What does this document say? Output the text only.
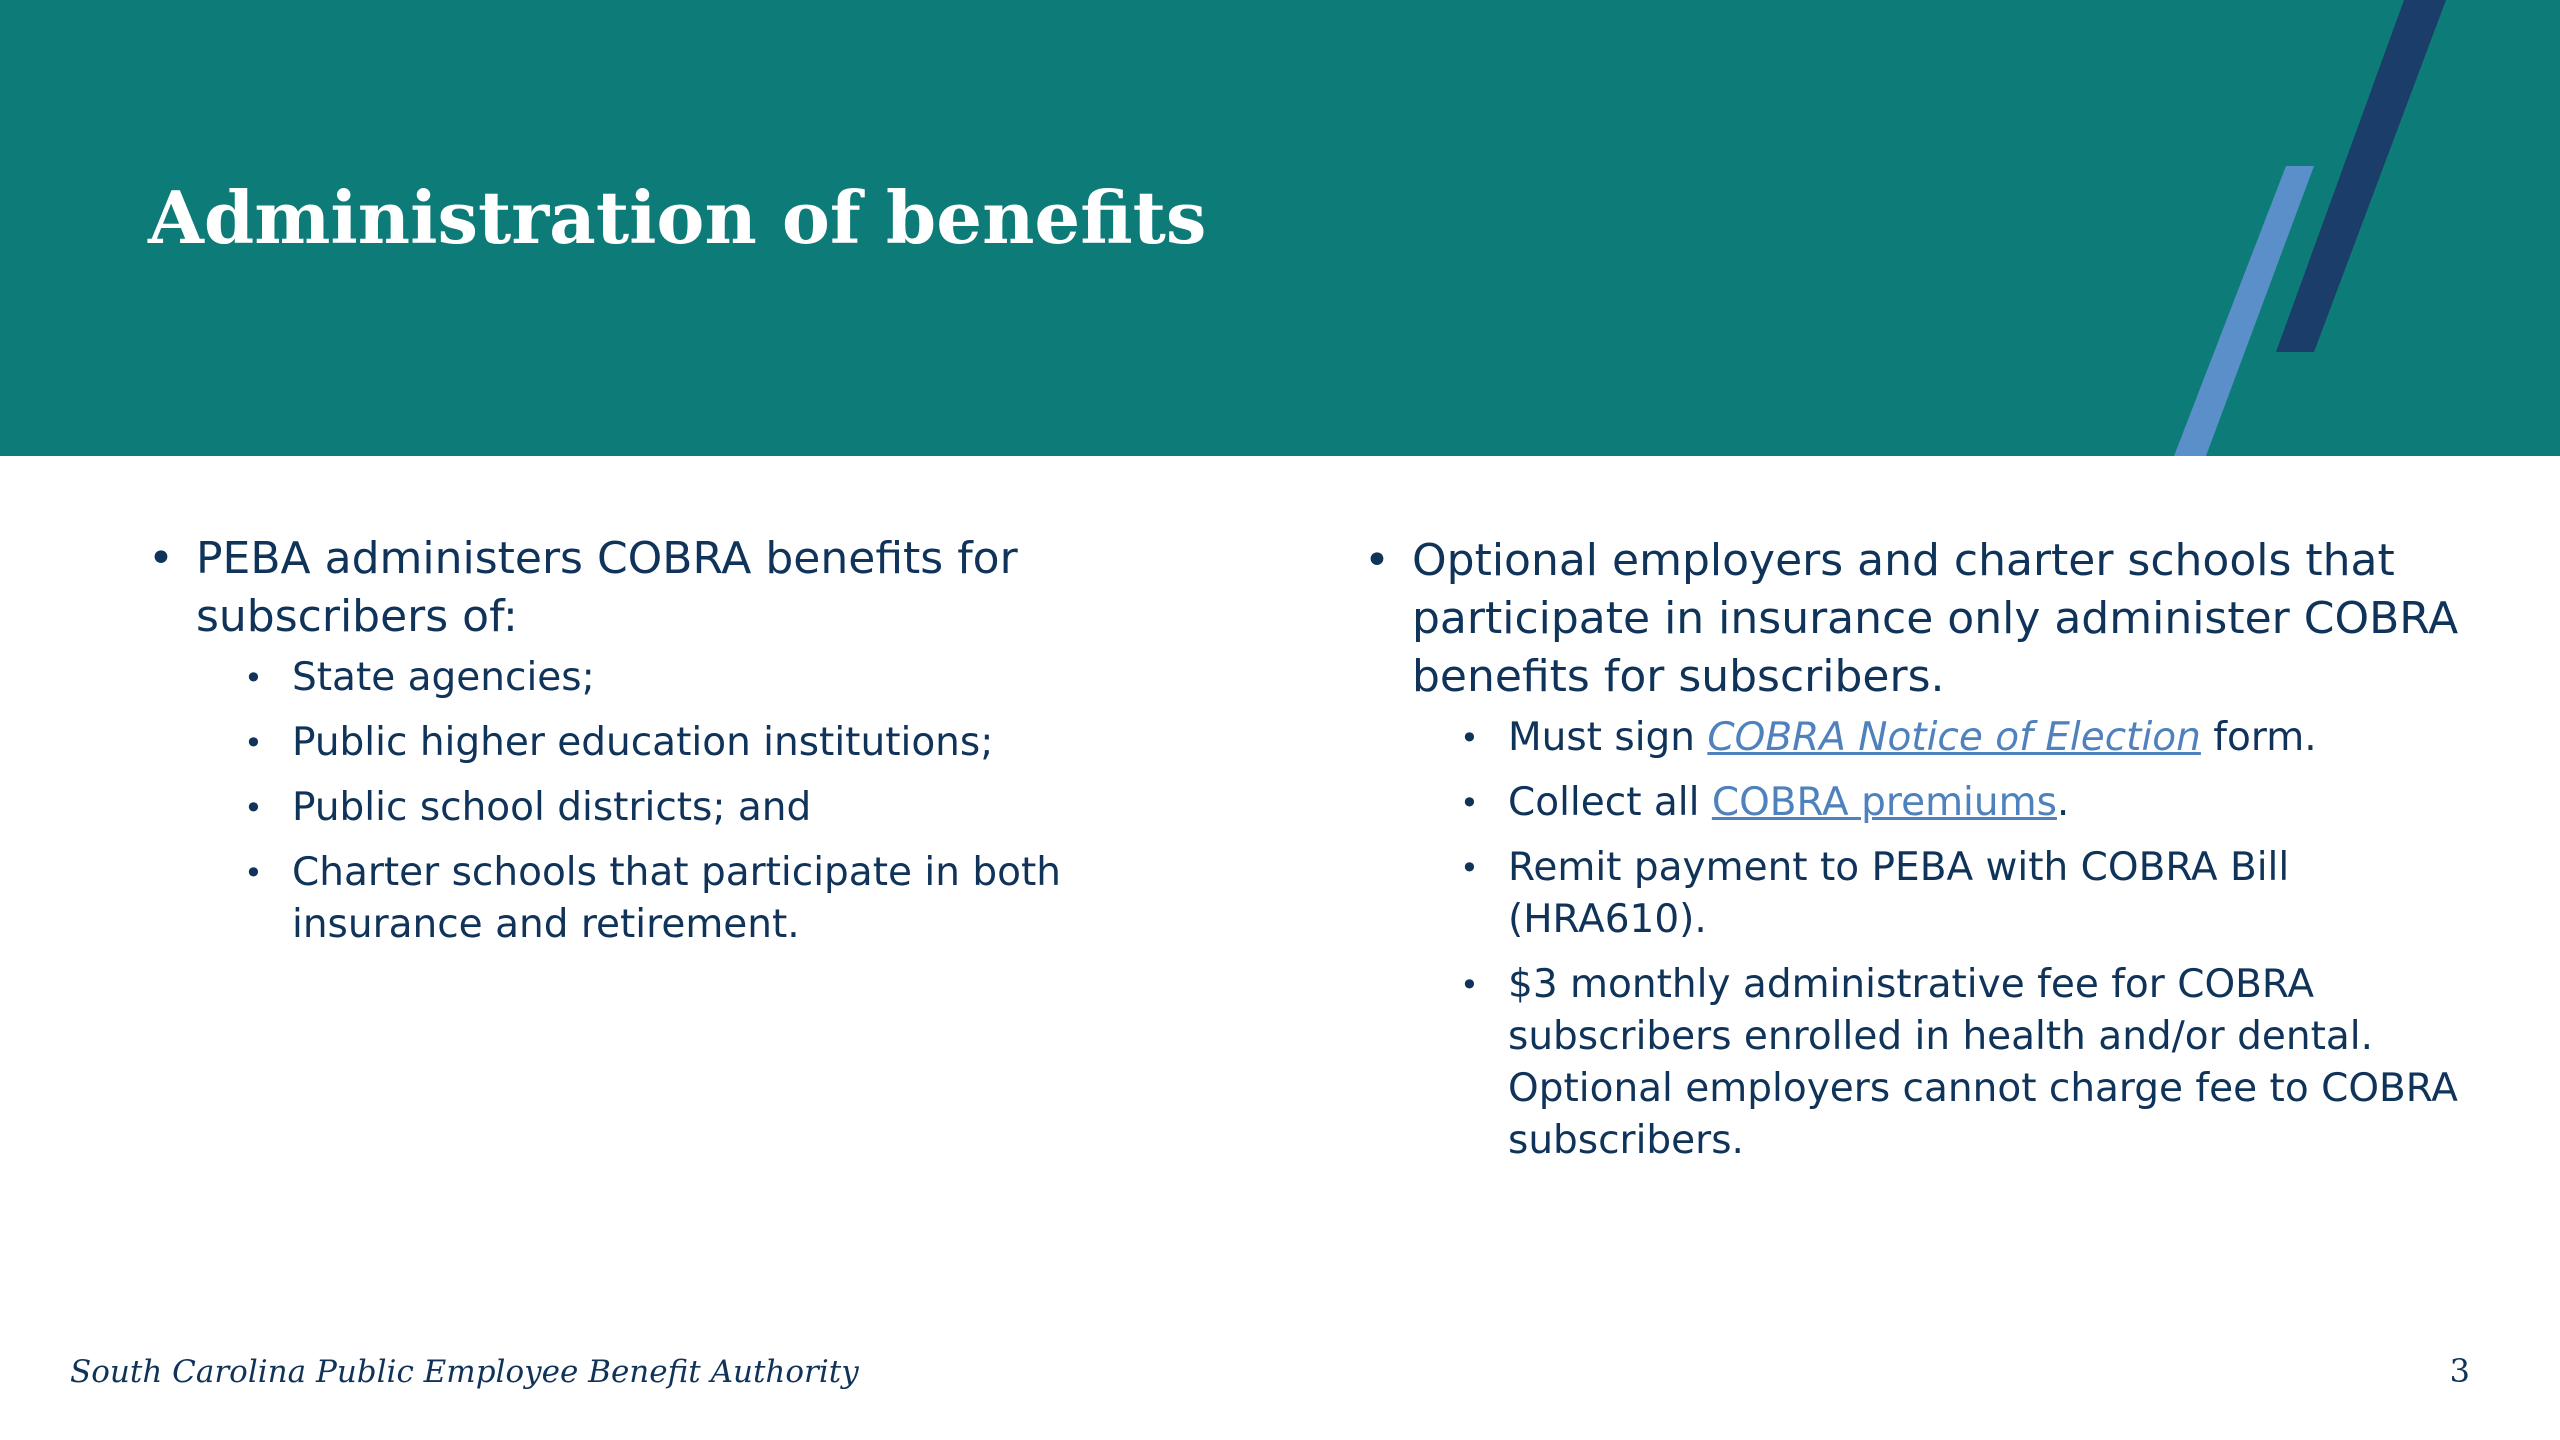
Administration of benefits
• PEBA administers COBRA benefits for subscribers of:
• State agencies;
• Public higher education institutions;
• Public school districts; and
• Charter schools that participate in both insurance and retirement.
• Optional employers and charter schools that participate in insurance only administer COBRA benefits for subscribers.
• Must sign COBRA Notice of Election form.
• Collect all COBRA premiums.
• Remit payment to PEBA with COBRA Bill (HRA610).
• $3 monthly administrative fee for COBRA subscribers enrolled in health and/or dental. Optional employers cannot charge fee to COBRA subscribers.
South Carolina Public Employee Benefit Authority	3
